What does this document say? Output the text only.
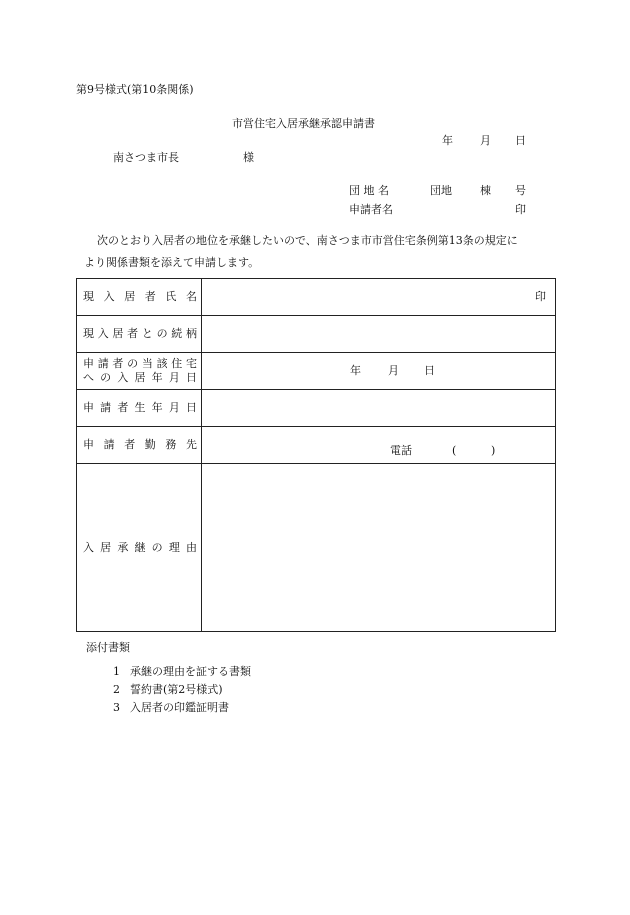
第9号様式(第10条関係)
市営住宅入居承継承認申請書
年 月 日
南さつま市長	様
団 地 名	団地	棟 号
申請者名	印
次のとおり入居者の地位を承継したいので、南さつま市市営住宅条例第13条の規定に
より関係書類を添えて申請します。
現入居者氏名	印

現入居者との続柄	

申請者の当該住宅
への入居年月日	年 月 日

申請者生年月日	

申請者勤務先	電話 ( )

入居承継の理由	

添付書類
1 承継の理由を証する書類
2 誓約書(第2号様式)
3 入居者の印鑑証明書
